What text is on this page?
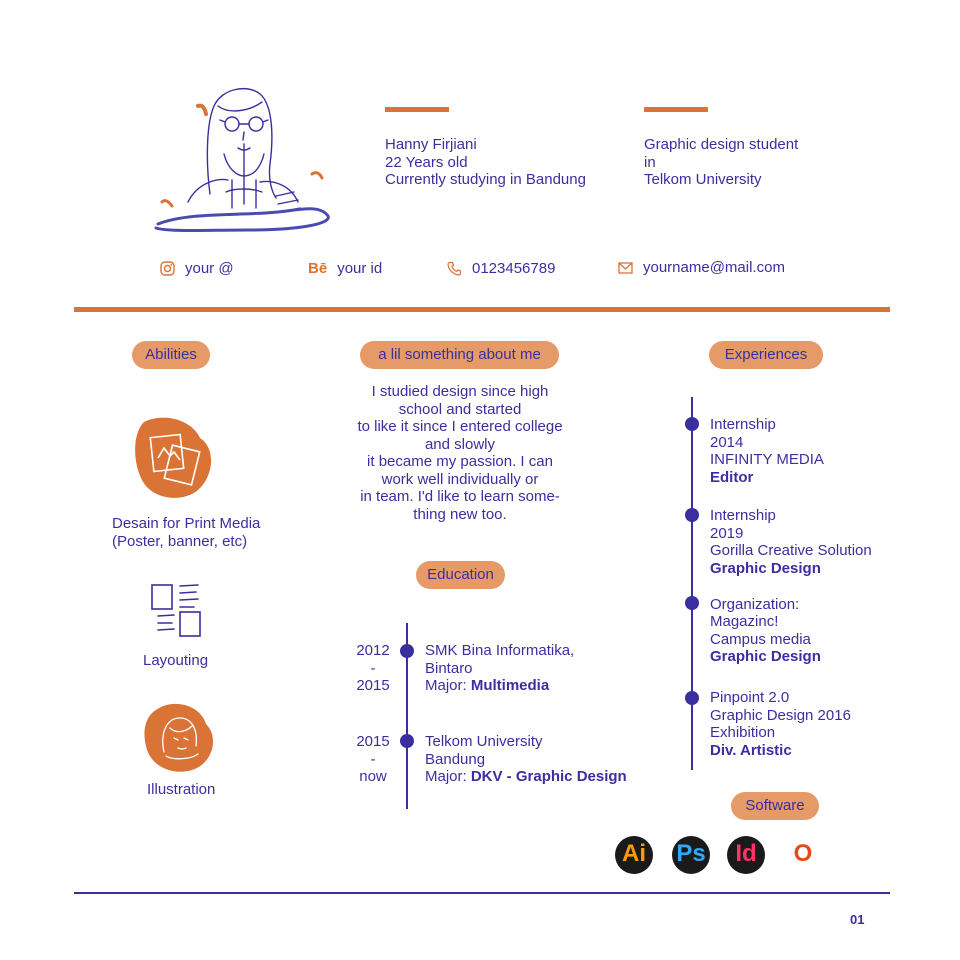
Hanny Firjiani
22 Years old
Currently studying in Bandung
Graphic design student
in
Telkom University
your @	Bē your id	0123456789	yourname@mail.com
Abilities
Desain for Print Media
(Poster, banner, etc)
Layouting
Illustration
a lil something about me
I studied design since high
school and started
to like it since I entered college
and slowly
it became my passion. I can
work well individually or
in team. I'd like to learn some-
thing new too.
Education
2012
-
2015
SMK Bina Informatika,
Bintaro
Major: Multimedia
2015
-
now
Telkom University
Bandung
Major: DKV - Graphic Design
Experiences
Internship
2014
INFINITY MEDIA
Editor
Internship
2019
Gorilla Creative Solution
Graphic Design
Organization:
Magazinc!
Campus media
Graphic Design
Pinpoint 2.0
Graphic Design 2016
Exhibition
Div. Artistic
Software
Ai Ps	Id	O
01
